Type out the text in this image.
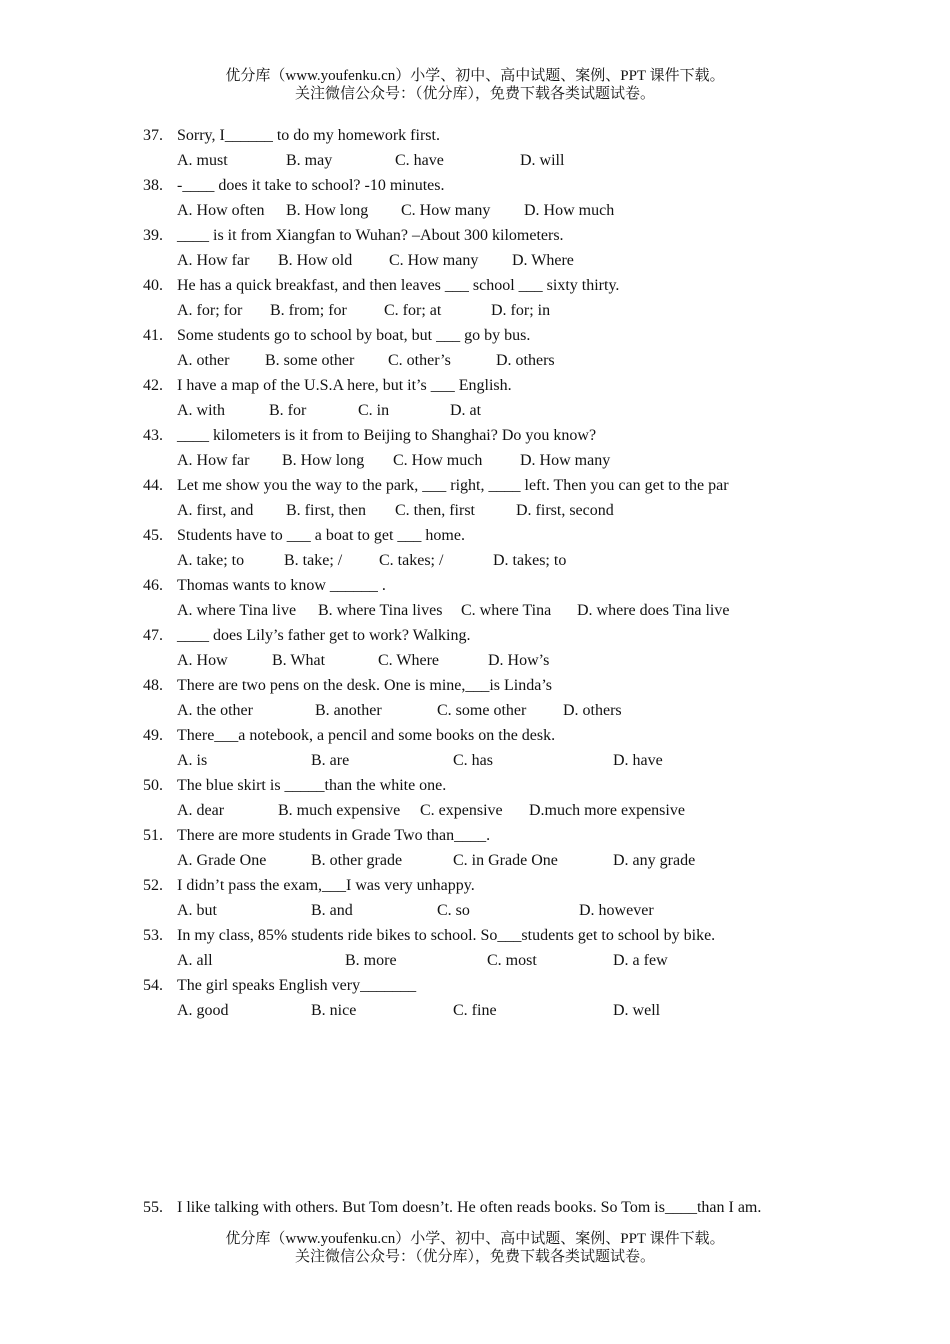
优分库（www.youfenku.cn）小学、初中、高中试题、案例、PPT 课件下载。
关注微信公众号：（优分库），免费下载各类试题试卷。
37. Sorry, I______ to do my homework first.
A. must	B. may	C. have	D. will
38. -____ does it take to school? -10 minutes.
A. How often B. How long C. How many D. How much
39. ____ is it from Xiangfan to Wuhan? –About 300 kilometers.
A. How far B. How old C. How many D. Where
40. He has a quick breakfast, and then leaves ___ school ___ sixty thirty.
A. for; for B. from; for C. for; at	D. for; in
41. Some students go to school by boat, but ___ go by bus.
A. other B. some other C. other’s	D. others
42. I have a map of the U.S.A here, but it’s ___ English.
A. with	B. for	C. in	D. at
43. ____ kilometers is it from to Beijing to Shanghai? Do you know?
A. How far B. How long C. How much D. How many
44. Let me show you the way to the park, ___ right, ____ left. Then you can get to the par
A. first, and B. first, then C. then, first	D. first, second
45. Students have to ___ a boat to get ___ home.
A. take; to B. take; / C. takes; /	D. takes; to
46. Thomas wants to know ______ .
A. where Tina live B. where Tina lives C. where Tina D. where does Tina live
47. ____ does Lily’s father get to work? Walking.
A. How	B. What	C. Where	D. How’s
48. There are two pens on the desk. One is mine,___is Linda’s
A. the other	B. another	C. some other D. others
49. There___a notebook, a pencil and some books on the desk.
A. is	B. are	C. has	D. have
50. The blue skirt is _____than the white one.
A. dear	B. much expensive C. expensive D.much more expensive
51. There are more students in Grade Two than____.
A. Grade One	B. other grade	C. in Grade One	D. any grade
52. I didn’t pass the exam,___I was very unhappy.
A. but	B. and	C. so	D. however
53. In my class, 85% students ride bikes to school. So___students get to school by bike.
A. all	B. more	C. most	D. a few
54. The girl speaks English very_______
A. good	B. nice	C. fine	D. well
55. I like talking with others. But Tom doesn’t. He often reads books. So Tom is____than I am.
优分库（www.youfenku.cn）小学、初中、高中试题、案例、PPT 课件下载。
关注微信公众号：（优分库），免费下载各类试题试卷。
